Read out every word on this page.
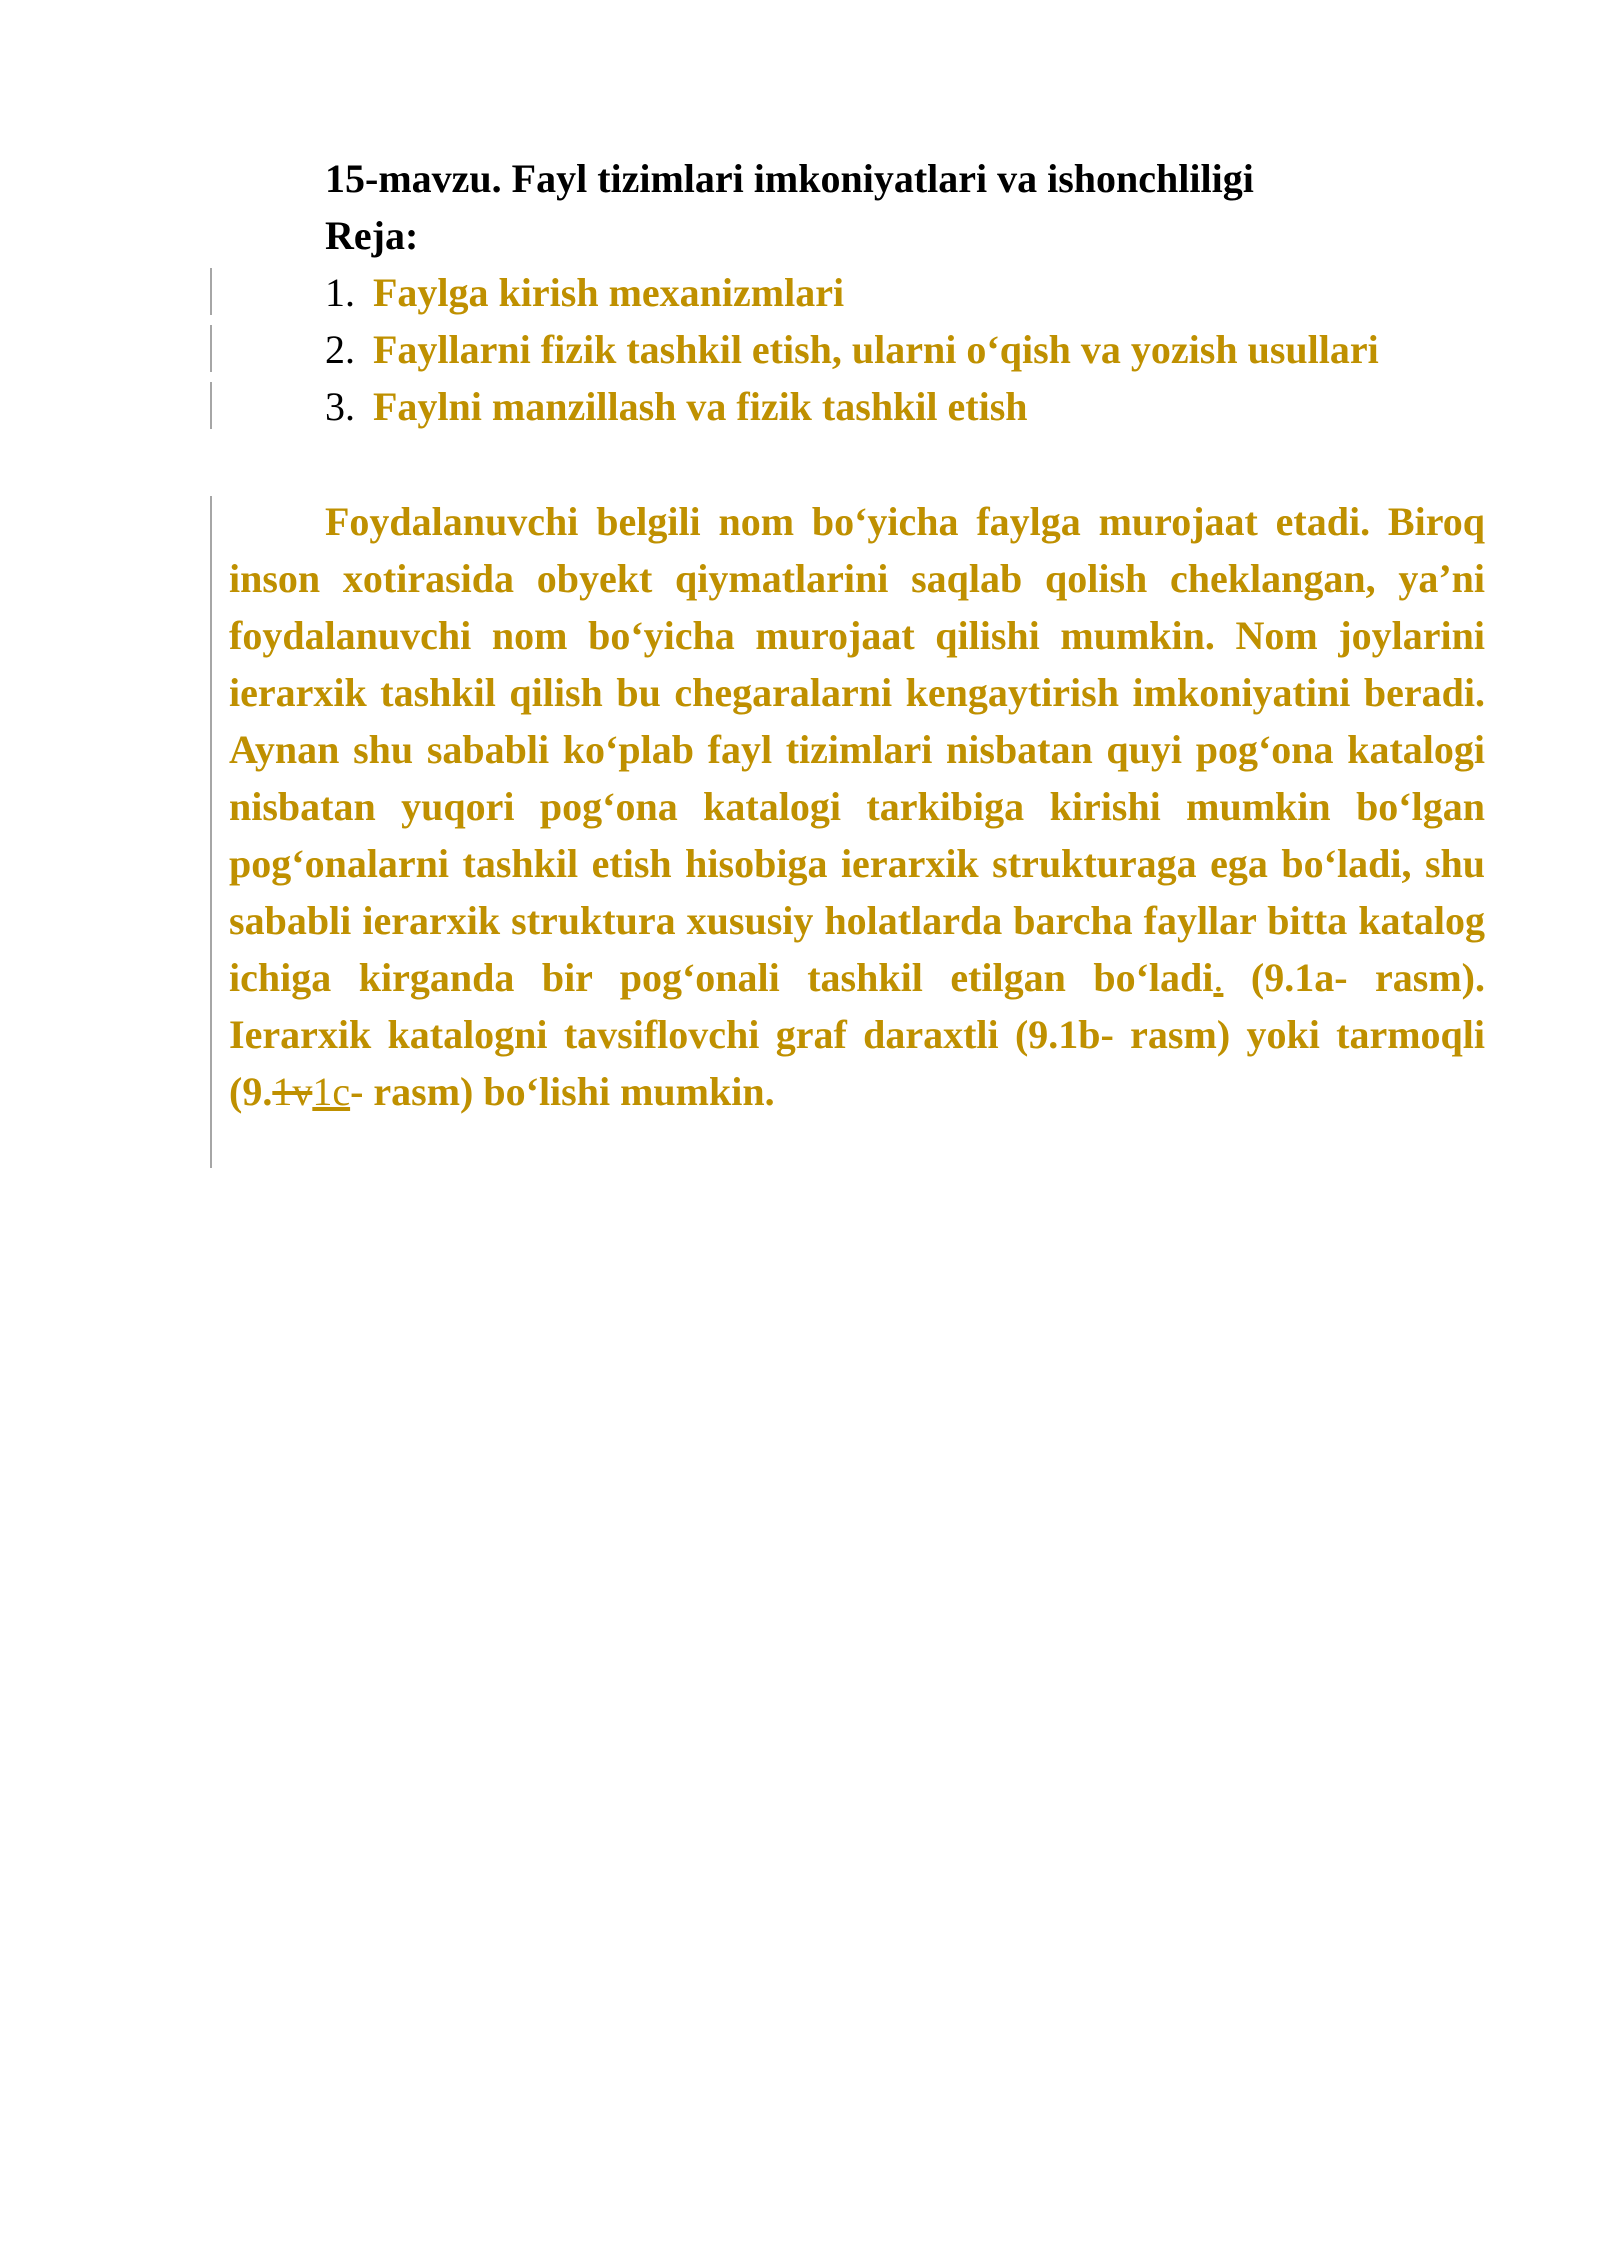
15-mavzu. Fayl tizimlari imkoniyatlari va ishonchliligi
Reja:
1. Faylga kirish mexanizmlari
2. Fayllarni fizik tashkil etish, ularni o‘qish va yozish usullari
3. Faylni manzillash va fizik tashkil etish

Foydalanuvchi belgili nom bo‘yicha faylga murojaat etadi. Biroq inson xotirasida obyekt qiymatlarini saqlab qolish cheklangan, ya’ni foydalanuvchi nom bo‘yicha murojaat qilishi mumkin. Nom joylarini ierarxik tashkil qilish bu chegaralarni kengaytirish imkoniyatini beradi. Aynan shu sababli ko‘plab fayl tizimlari nisbatan quyi pog‘ona katalogi nisbatan yuqori pog‘ona katalogi tarkibiga kirishi mumkin bo‘lgan pog‘onalarni tashkil etish hisobiga ierarxik strukturaga ega bo‘ladi, shu sababli ierarxik struktura xususiy holatlarda barcha fayllar bitta katalog ichiga kirganda bir pog‘onali tashkil etilgan bo‘ladi. (9.1a- rasm). Ierarxik katalogni tavsiflovchi graf daraxtli (9.1b- rasm) yoki tarmoqli (9.1v1c- rasm) bo‘lishi mumkin.
